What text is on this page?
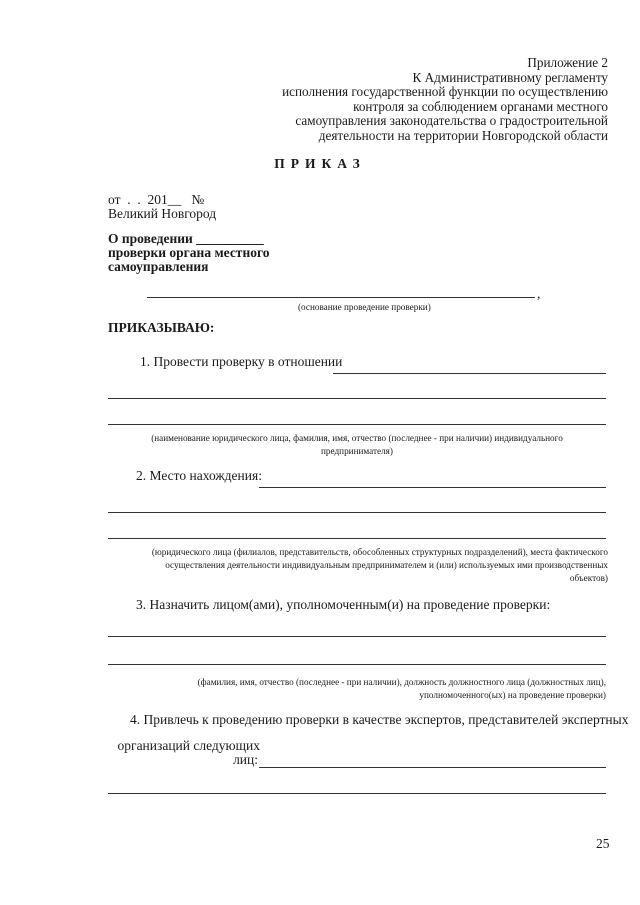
Приложение 2
К Административному регламенту
исполнения государственной функции по осуществлению
контроля за соблюдением органами местного
самоуправления законодательства о градостроительной
деятельности на территории Новгородской области
ПРИКАЗ
от  .  .  201__   №
Великий Новгород
О проведении __________
проверки органа местного
самоуправления
,
(основание проведение проверки)
ПРИКАЗЫВАЮ:
1. Провести проверку в отношении
(наименование юридического лица, фамилия, имя, отчество (последнее - при наличии) индивидуального
предпринимателя)
2. Место нахождения:
(юридического лица (филиалов, представительств, обособленных структурных подразделений), места фактического
осуществления деятельности индивидуальным предпринимателем и (или) используемых ими производственных
объектов)
3. Назначить лицом(ами), уполномоченным(и) на проведение проверки:
(фамилия, имя, отчество (последнее - при наличии), должность должностного лица (должностных лиц),
уполномоченного(ых) на проведение проверки)
4. Привлечь к проведению проверки в качестве экспертов, представителей экспертных
организаций следующих
лиц:
25
